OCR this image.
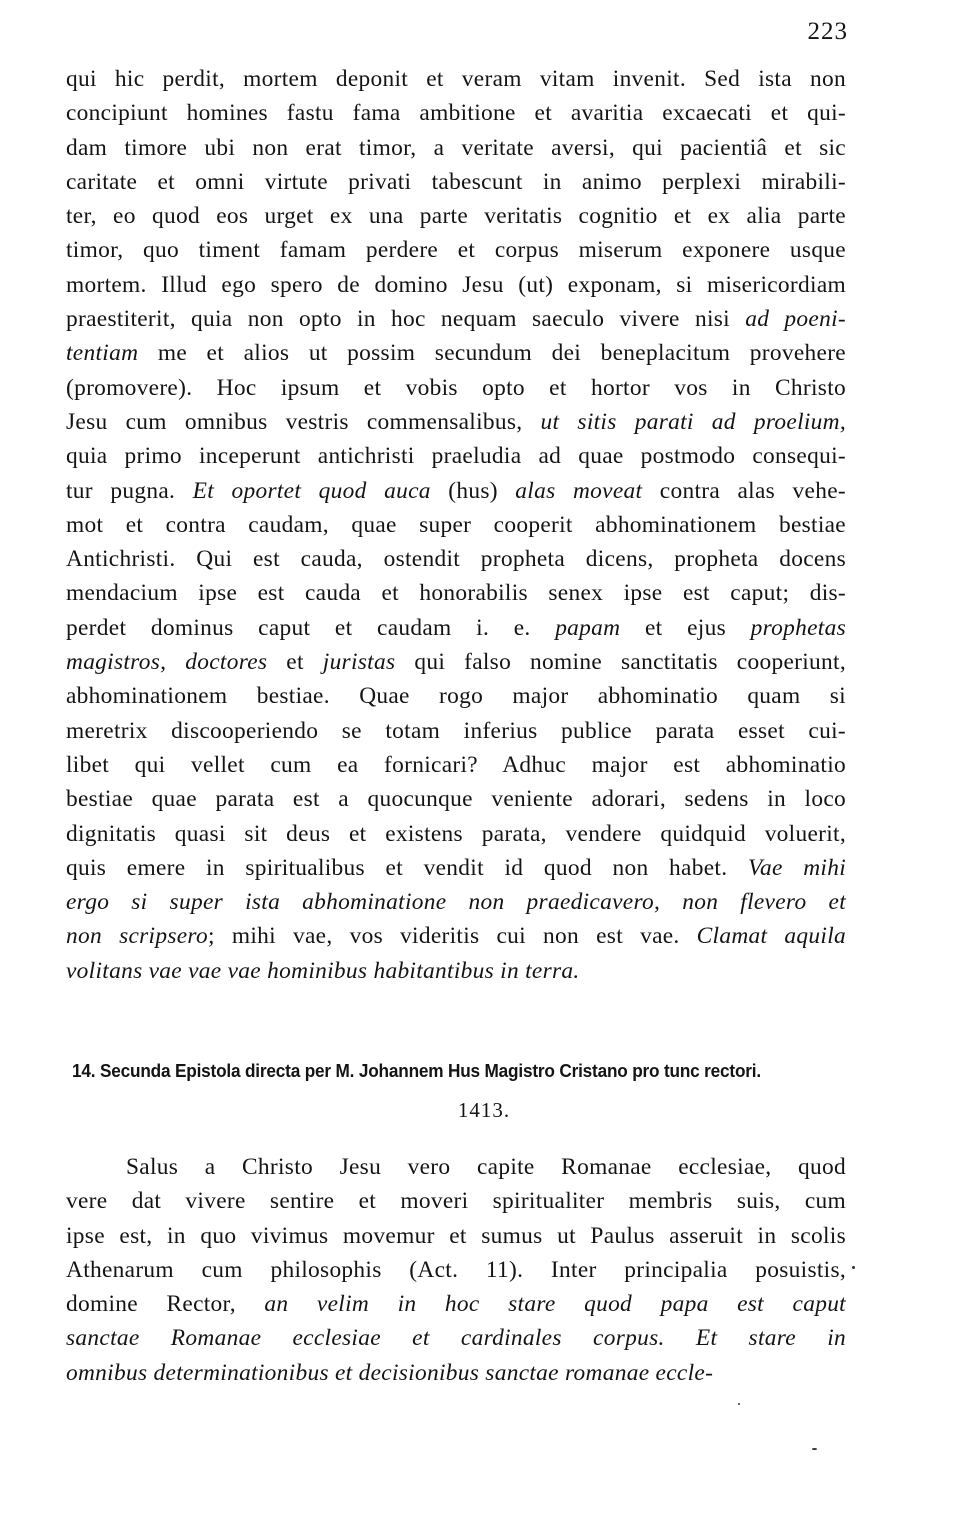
223
qui hic perdit, mortem deponit et veram vitam invenit. Sed ista non
concipiunt homines fastu fama ambitione et avaritia excaecati et qui-
dam timore ubi non erat timor, a veritate aversi, qui pacientiâ et sic
caritate et omni virtute privati tabescunt in animo perplexi mirabili-
ter, eo quod eos urget ex una parte veritatis cognitio et ex alia parte
timor, quo timent famam perdere et corpus miserum exponere usque
mortem. Illud ego spero de domino Jesu (ut) exponam, si misericordiam
praestiterit, quia non opto in hoc nequam saeculo vivere nisi ad poeni-
tentiam me et alios ut possim secundum dei beneplacitum provehere
(promovere). Hoc ipsum et vobis opto et hortor vos in Christo
Jesu cum omnibus vestris commensalibus, ut sitis parati ad proelium,
quia primo inceperunt antichristi praeludia ad quae postmodo consequi-
tur pugna. Et oportet quod auca (hus) alas moveat contra alas vehe-
mot et contra caudam, quae super cooperit abhominationem bestiae
Antichristi. Qui est cauda, ostendit propheta dicens, propheta docens
mendacium ipse est cauda et honorabilis senex ipse est caput; dis-
perdet dominus caput et caudam i. e. papam et ejus prophetas
magistros, doctores et juristas qui falso nomine sanctitatis cooperiunt,
abhominationem bestiae. Quae rogo major abhominatio quam si
meretrix discooperiendo se totam inferius publice parata esset cui-
libet qui vellet cum ea fornicari? Adhuc major est abhominatio
bestiae quae parata est a quocunque veniente adorari, sedens in loco
dignitatis quasi sit deus et existens parata, vendere quidquid voluerit,
quis emere in spiritualibus et vendit id quod non habet. Vae mihi
ergo si super ista abhominatione non praedicavero, non flevero et
non scripsero; mihi vae, vos videritis cui non est vae. Clamat aquila
volitans vae vae vae hominibus habitantibus in terra.
14. Secunda Epistola directa per M. Johannem Hus Magistro Cristano pro tunc rectori.
1413.
Salus a Christo Jesu vero capite Romanae ecclesiae, quod
vere dat vivere sentire et moveri spiritualiter membris suis, cum
ipse est, in quo vivimus movemur et sumus ut Paulus asseruit in scolis
Athenarum cum philosophis (Act. 11). Inter principalia posuistis,
domine Rector, an velim in hoc stare quod papa est caput
sanctae Romanae ecclesiae et cardinales corpus. Et stare in
omnibus determinationibus et decisionibus sanctae romanae eccle-
